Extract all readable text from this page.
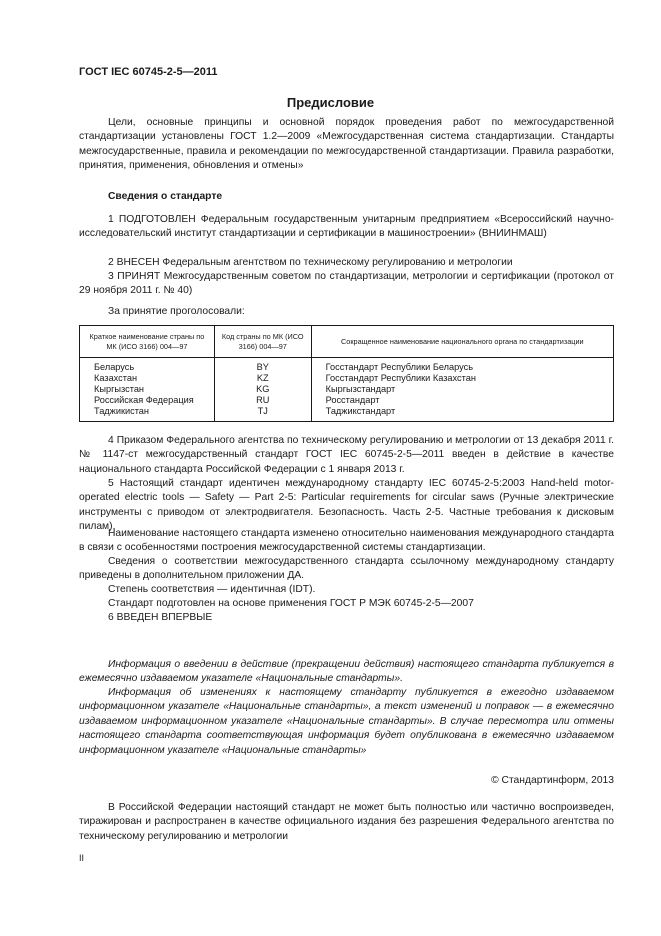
ГОСТ IEC 60745-2-5—2011
Предисловие

Цели, основные принципы и основной порядок проведения работ по межгосударственной стандартизации установлены ГОСТ 1.2—2009 «Межгосударственная система стандартизации. Стандарты межгосударственные, правила и рекомендации по межгосударственной стандартизации. Правила разработки, принятия, применения, обновления и отмены»

Сведения о стандарте

1 ПОДГОТОВЛЕН Федеральным государственным унитарным предприятием «Всероссийский научно-исследовательский институт стандартизации и сертификации в машиностроении» (ВНИИНМАШ)

2 ВНЕСЕН Федеральным агентством по техническому регулированию и метрологии

3 ПРИНЯТ Межгосударственным советом по стандартизации, метрологии и сертификации (протокол от 29 ноября 2011 г. № 40)

За принятие проголосовали:

Краткое наименование страны по МК (ИСО 3166) 004—97	Код страны по МК (ИСО 3166) 004—97	Сокращенное наименование национального органа по стандартизации
Беларусь	BY	Госстандарт Республики Беларусь
Казахстан	KZ	Госстандарт Республики Казахстан
Кыргызстан	KG	Кыргызстандарт
Российская Федерация	RU	Росстандарт
Таджикистан	TJ	Таджикстандарт

4 Приказом Федерального агентства по техническому регулированию и метрологии от 13 декабря 2011 г. № 1147-ст межгосударственный стандарт ГОСТ IEC 60745-2-5—2011 введен в действие в качестве национального стандарта Российской Федерации с 1 января 2013 г.

5 Настоящий стандарт идентичен международному стандарту IEC 60745-2-5:2003 Hand-held motor-operated electric tools — Safety — Part 2-5: Particular requirements for circular saws (Ручные электрические инструменты с приводом от электродвигателя. Безопасность. Часть 2-5. Частные требования к дисковым пилам).

Наименование настоящего стандарта изменено относительно наименования международного стандарта в связи с особенностями построения межгосударственной системы стандартизации.

Сведения о соответствии межгосударственного стандарта ссылочному международному стандарту приведены в дополнительном приложении ДА.

Степень соответствия — идентичная (IDT).

Стандарт подготовлен на основе применения ГОСТ Р МЭК 60745-2-5—2007

6 ВВЕДЕН ВПЕРВЫЕ

Информация о введении в действие (прекращении действия) настоящего стандарта публикуется в ежемесячно издаваемом указателе «Национальные стандарты».

Информация об изменениях к настоящему стандарту публикуется в ежегодно издаваемом информационном указателе «Национальные стандарты», а текст изменений и поправок — в ежемесячно издаваемом информационном указателе «Национальные стандарты». В случае пересмотра или отмены настоящего стандарта соответствующая информация будет опубликована в ежемесячно издаваемом информационном указателе «Национальные стандарты»

© Стандартинформ, 2013

В Российской Федерации настоящий стандарт не может быть полностью или частично воспроизведен, тиражирован и распространен в качестве официального издания без разрешения Федерального агентства по техническому регулированию и метрологии

II
